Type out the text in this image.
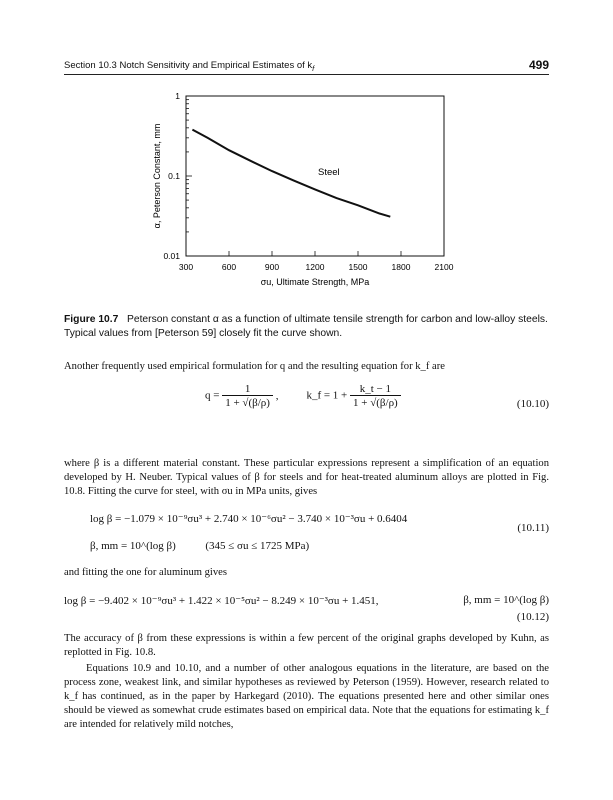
Section 10.3 Notch Sensitivity and Empirical Estimates of $k_f$	499
1
0.1
0.01
300	600	900	1200	1500	1800	2100
Steel
σu, Ultimate Strength, MPa
α, Peterson Constant, mm
Figure 10.7 Peterson constant α as a function of ultimate tensile strength for carbon and low-alloy steels. Typical values from [Peterson 59] closely fit the curve shown.
Another frequently used empirical formulation for q and the resulting equation for k_f are
$q = \frac{1}{1 + √(\beta/\rho)}$ ,	k_f = $1 + \frac{k\_t - 1}{1 + √(\beta/\rho)}$	(10.10)
where β is a different material constant. These particular expressions represent a simplification of an equation developed by H. Neuber. Typical values of β for steels and for heat-treated aluminum alloys are plotted in Fig. 10.8. Fitting the curve for steel, with σu in MPa units, gives
log β = −1.079 × 10⁻⁹σu³ + 2.740 × 10⁻⁶σu² − 3.740 × 10⁻³σu + 0.6404
β, mm = 10^(log β)	(345 ≤ σu ≤ 1725 MPa)
(10.11)
and fitting the one for aluminum gives
log β = −9.402 × 10⁻⁹σu³ + 1.422 × 10⁻⁵σu² − 8.249 × 10⁻³σu + 1.451,	β, mm = 10^(log β)
(10.12)
The accuracy of β from these expressions is within a few percent of the original graphs developed by Kuhn, as replotted in Fig. 10.8.
Equations 10.9 and 10.10, and a number of other analogous equations in the literature, are based on the process zone, weakest link, and similar hypotheses as reviewed by Peterson (1959). However, research related to k_f has continued, as in the paper by Harkegard (2010). The equations presented here and other similar ones should be viewed as somewhat crude estimates based on empirical data. Note that the equations for estimating k_f are intended for relatively mild notches,
